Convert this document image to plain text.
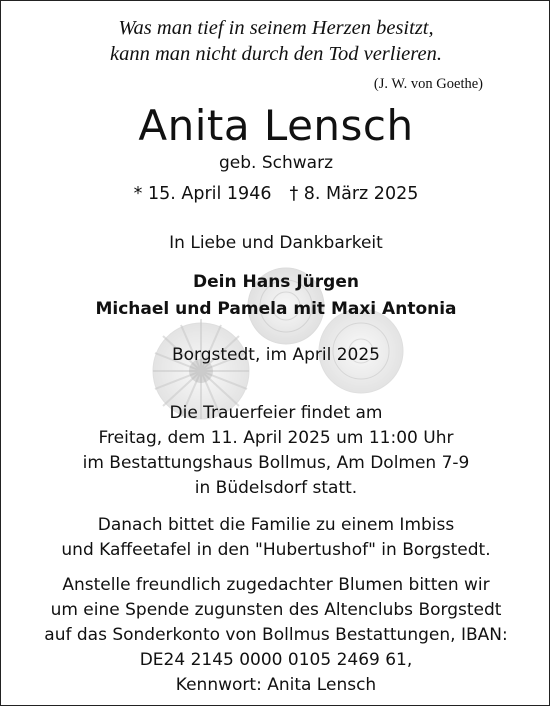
Was man tief in seinem Herzen besitzt,
kann man nicht durch den Tod verlieren.
(J. W. von Goethe)
Anita Lensch
geb. Schwarz
* 15. April 1946 † 8. März 2025
In Liebe und Dankbarkeit
Dein Hans Jürgen
Michael und Pamela mit Maxi Antonia
Borgstedt, im April 2025
Die Trauerfeier findet am
Freitag, dem 11. April 2025 um 11:00 Uhr
im Bestattungshaus Bollmus, Am Dolmen 7-9
in Büdelsdorf statt.
Danach bittet die Familie zu einem Imbiss
und Kaffeetafel in den "Hubertushof" in Borgstedt.
Anstelle freundlich zugedachter Blumen bitten wir
um eine Spende zugunsten des Altenclubs Borgstedt
auf das Sonderkonto von Bollmus Bestattungen, IBAN:
DE24 2145 0000 0105 2469 61,
Kennwort: Anita Lensch
